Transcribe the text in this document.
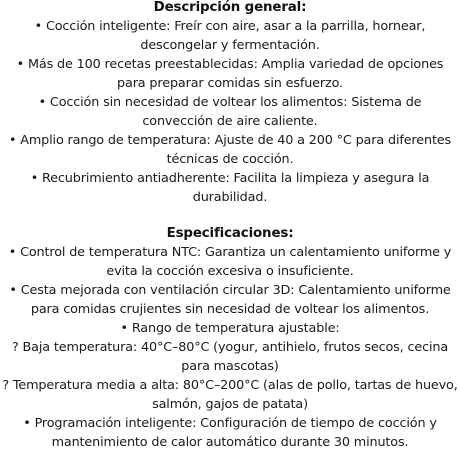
Descripción general:

• Cocción inteligente: Freír con aire, asar a la parrilla, hornear, descongelar y fermentación.

• Más de 100 recetas preestablecidas: Amplia variedad de opciones para preparar comidas sin esfuerzo.

• Cocción sin necesidad de voltear los alimentos: Sistema de convección de aire caliente.

• Amplio rango de temperatura: Ajuste de 40 a 200 °C para diferentes técnicas de cocción.

• Recubrimiento antiadherente: Facilita la limpieza y asegura la durabilidad.

Especificaciones:

• Control de temperatura NTC: Garantiza un calentamiento uniforme y evita la cocción excesiva o insuficiente.

• Cesta mejorada con ventilación circular 3D: Calentamiento uniforme para comidas crujientes sin necesidad de voltear los alimentos.

• Rango de temperatura ajustable:

? Baja temperatura: 40°C–80°C (yogur, antihielo, frutos secos, cecina para mascotas)

? Temperatura media a alta: 80°C–200°C (alas de pollo, tartas de huevo, salmón, gajos de patata)

• Programación inteligente: Configuración de tiempo de cocción y mantenimiento de calor automático durante 30 minutos.
